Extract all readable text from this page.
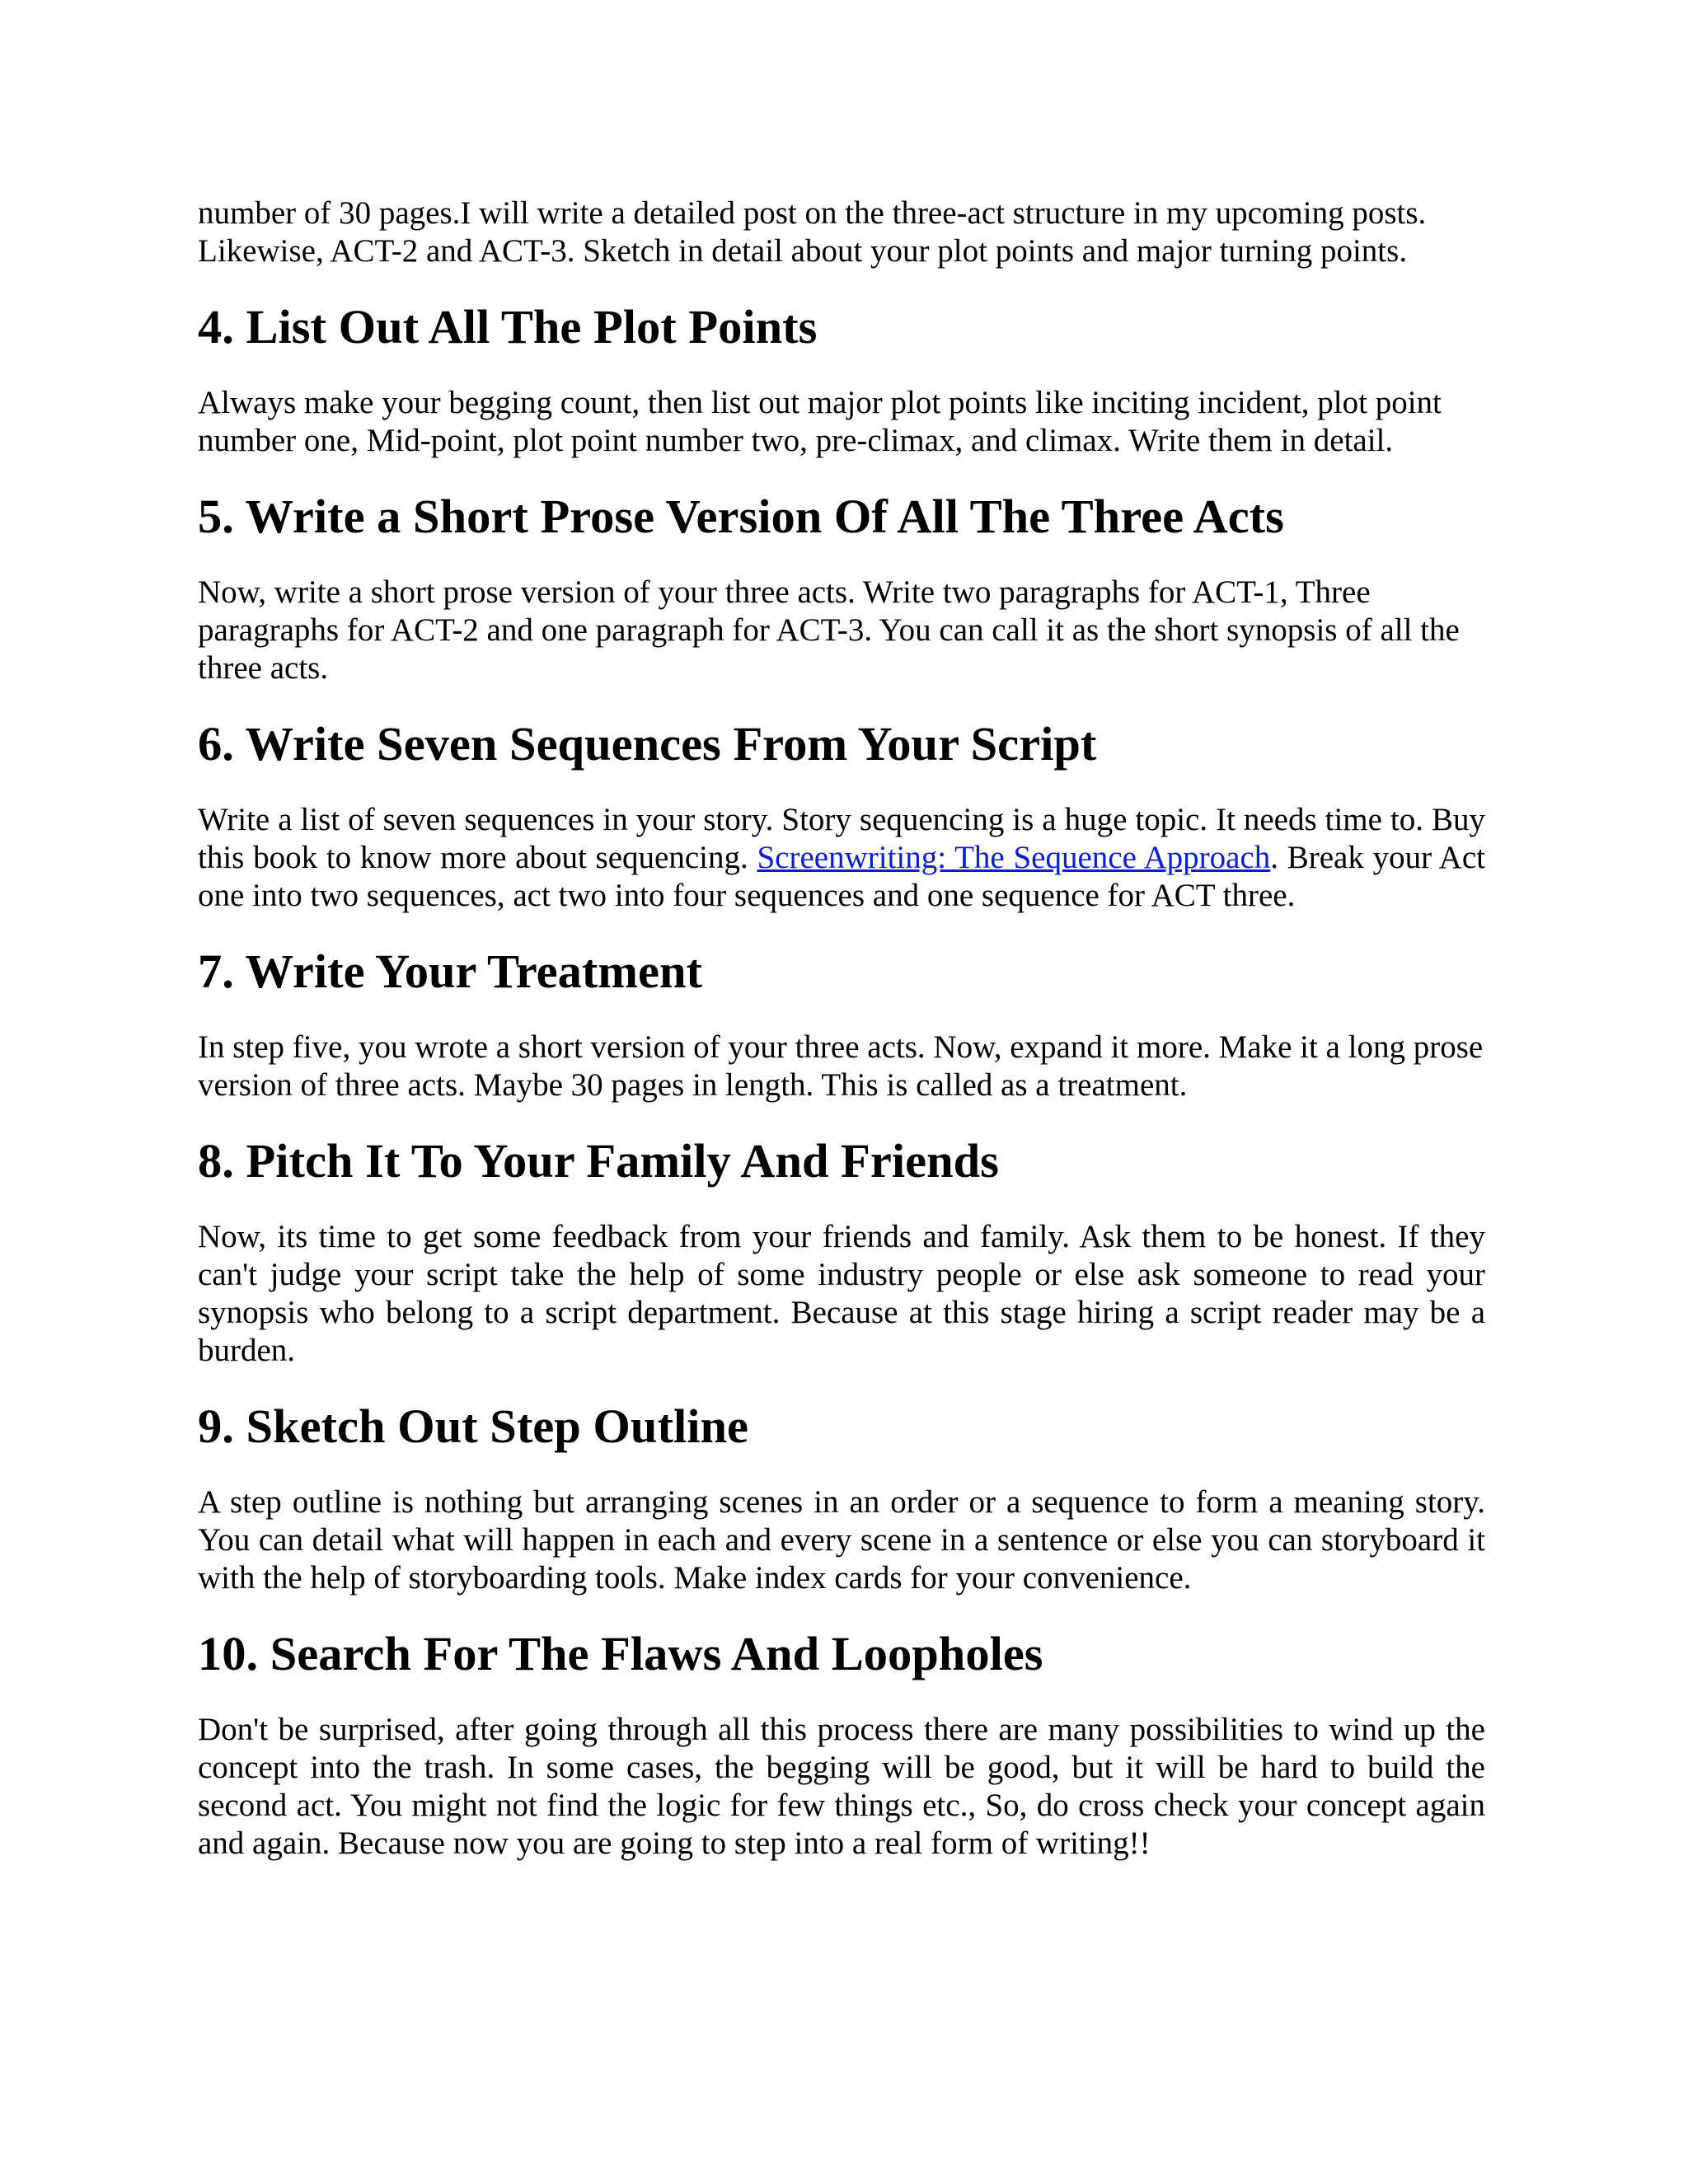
number of 30 pages.I will write a detailed post on the three-act structure in my upcoming posts. Likewise, ACT-2 and ACT-3. Sketch in detail about your plot points and major turning points.

4. List Out All The Plot Points

Always make your begging count, then list out major plot points like inciting incident, plot point number one, Mid-point, plot point number two, pre-climax, and climax. Write them in detail.

5. Write a Short Prose Version Of All The Three Acts

Now, write a short prose version of your three acts. Write two paragraphs for ACT-1, Three paragraphs for ACT-2 and one paragraph for ACT-3. You can call it as the short synopsis of all the three acts.

6. Write Seven Sequences From Your Script

Write a list of seven sequences in your story. Story sequencing is a huge topic. It needs time to. Buy this book to know more about sequencing. Screenwriting: The Sequence Approach. Break your Act one into two sequences, act two into four sequences and one sequence for ACT three.

7. Write Your Treatment

In step five, you wrote a short version of your three acts. Now, expand it more. Make it a long prose version of three acts. Maybe 30 pages in length. This is called as a treatment.

8. Pitch It To Your Family And Friends

Now, its time to get some feedback from your friends and family. Ask them to be honest. If they can't judge your script take the help of some industry people or else ask someone to read your synopsis who belong to a script department. Because at this stage hiring a script reader may be a burden.

9. Sketch Out Step Outline

A step outline is nothing but arranging scenes in an order or a sequence to form a meaning story. You can detail what will happen in each and every scene in a sentence or else you can storyboard it with the help of storyboarding tools. Make index cards for your convenience.

10. Search For The Flaws And Loopholes

Don't be surprised, after going through all this process there are many possibilities to wind up the concept into the trash. In some cases, the begging will be good, but it will be hard to build the second act. You might not find the logic for few things etc., So, do cross check your concept again and again. Because now you are going to step into a real form of writing!!
